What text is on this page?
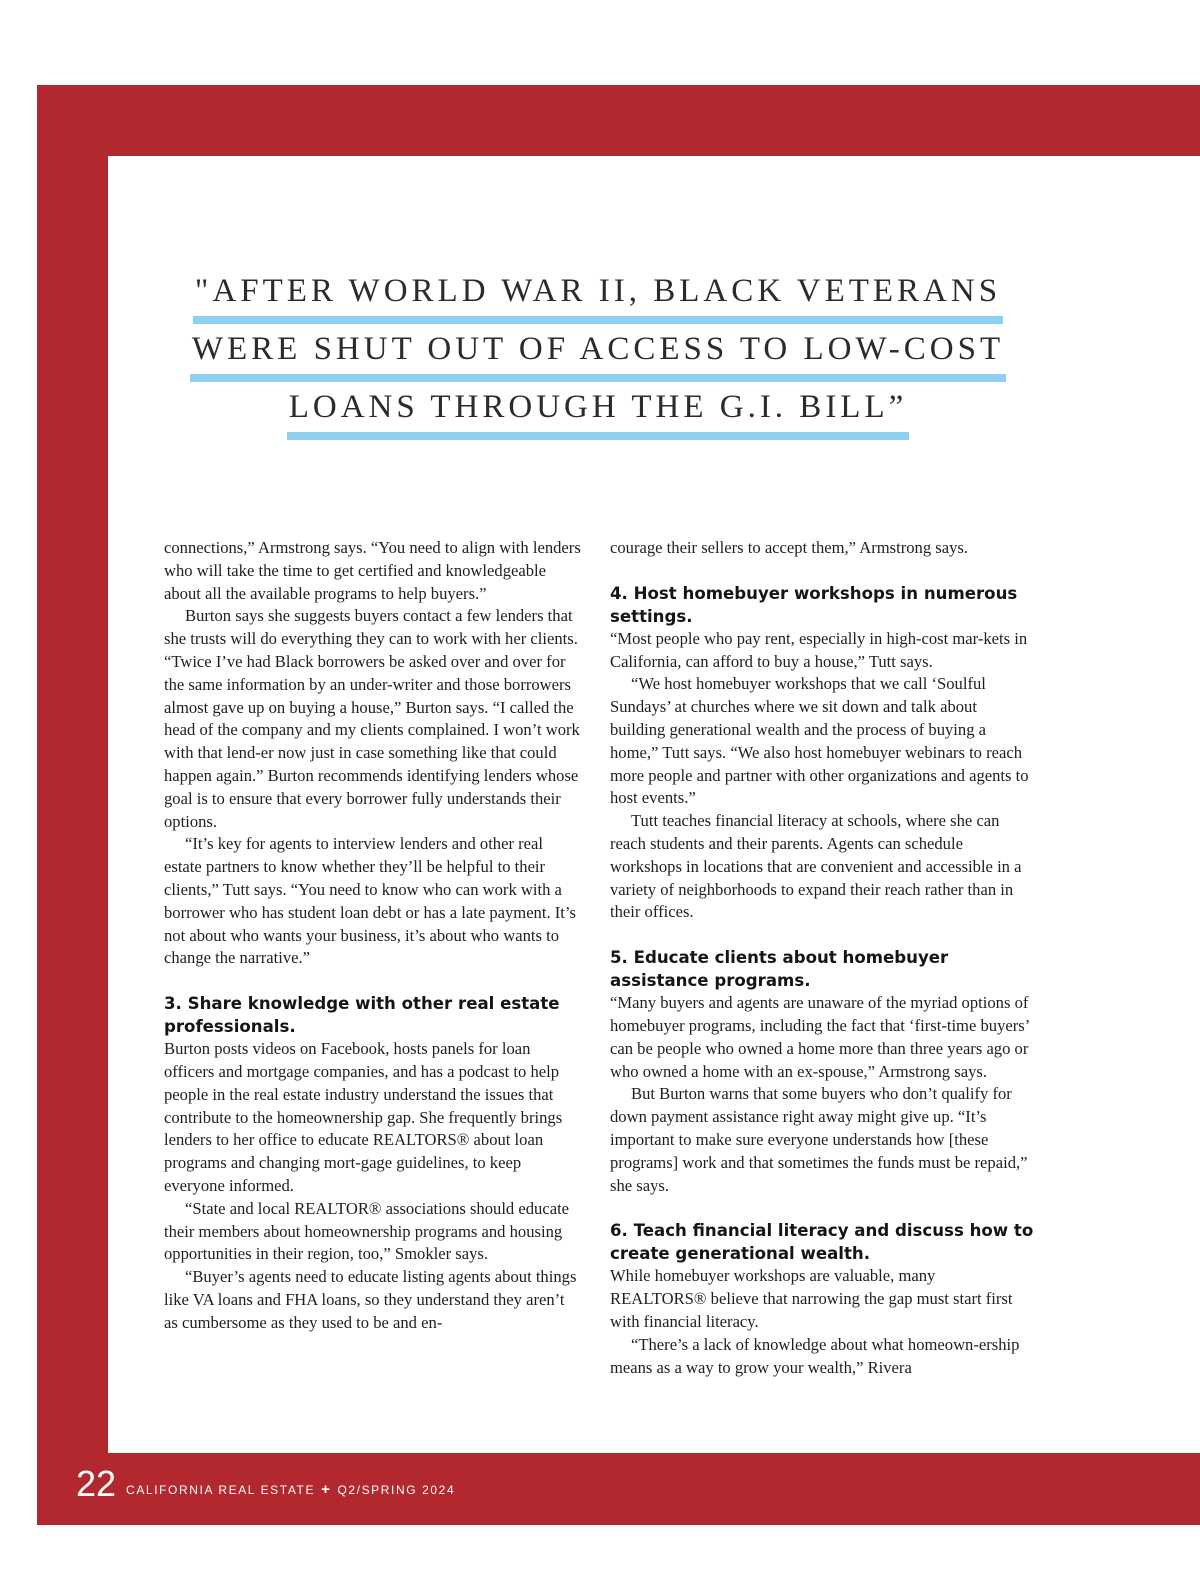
"AFTER WORLD WAR II, BLACK VETERANS
WERE SHUT OUT OF ACCESS TO LOW-COST
LOANS THROUGH THE G.I. BILL”

connections,” Armstrong says. “You need to align with lenders who will take the time to get certified and knowledgeable about all the available programs to help buyers.”

Burton says she suggests buyers contact a few lenders that she trusts will do everything they can to work with her clients. “Twice I’ve had Black borrowers be asked over and over for the same information by an under-writer and those borrowers almost gave up on buying a house,” Burton says. “I called the head of the company and my clients complained. I won’t work with that lend-er now just in case something like that could happen again.” Burton recommends identifying lenders whose goal is to ensure that every borrower fully understands their options.

“It’s key for agents to interview lenders and other real estate partners to know whether they’ll be helpful to their clients,” Tutt says. “You need to know who can work with a borrower who has student loan debt or has a late payment. It’s not about who wants your business, it’s about who wants to change the narrative.”

3. Share knowledge with other real estate professionals.

Burton posts videos on Facebook, hosts panels for loan officers and mortgage companies, and has a podcast to help people in the real estate industry understand the issues that contribute to the homeownership gap. She frequently brings lenders to her office to educate REALTORS® about loan programs and changing mort-gage guidelines, to keep everyone informed.

“State and local REALTOR® associations should educate their members about homeownership programs and housing opportunities in their region, too,” Smokler says.

“Buyer’s agents need to educate listing agents about things like VA loans and FHA loans, so they understand they aren’t as cumbersome as they used to be and en-

courage their sellers to accept them,” Armstrong says.

4. Host homebuyer workshops in numerous settings.

“Most people who pay rent, especially in high-cost mar-kets in California, can afford to buy a house,” Tutt says.

“We host homebuyer workshops that we call ‘Soulful Sundays’ at churches where we sit down and talk about building generational wealth and the process of buying a home,” Tutt says. “We also host homebuyer webinars to reach more people and partner with other organizations and agents to host events.”

Tutt teaches financial literacy at schools, where she can reach students and their parents. Agents can schedule workshops in locations that are convenient and accessible in a variety of neighborhoods to expand their reach rather than in their offices.

5. Educate clients about homebuyer assistance programs.

“Many buyers and agents are unaware of the myriad options of homebuyer programs, including the fact that ‘first-time buyers’ can be people who owned a home more than three years ago or who owned a home with an ex-spouse,” Armstrong says.

But Burton warns that some buyers who don’t qualify for down payment assistance right away might give up. “It’s important to make sure everyone understands how [these programs] work and that sometimes the funds must be repaid,” she says.

6. Teach financial literacy and discuss how to create generational wealth.

While homebuyer workshops are valuable, many REALTORS® believe that narrowing the gap must start first with financial literacy.

“There’s a lack of knowledge about what homeown-ership means as a way to grow your wealth,” Rivera

22 CALIFORNIA REAL ESTATE + Q2/SPRING 2024
